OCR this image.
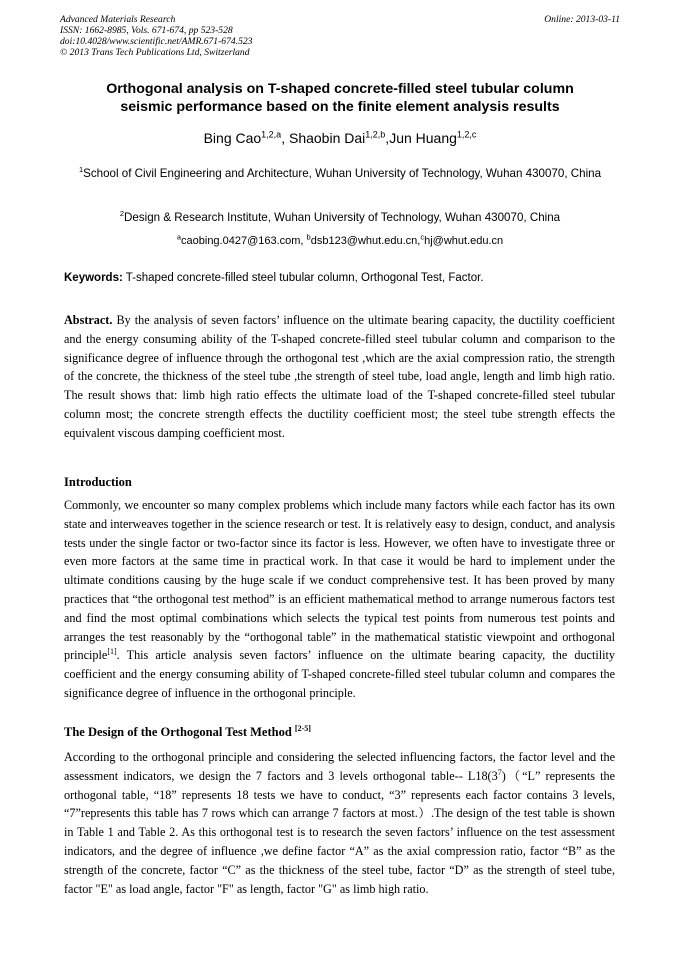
Advanced Materials Research
ISSN: 1662-8985, Vols. 671-674, pp 523-528
doi:10.4028/www.scientific.net/AMR.671-674.523
© 2013 Trans Tech Publications Ltd, Switzerland
Online: 2013-03-11
Orthogonal analysis on T-shaped concrete-filled steel tubular column
seismic performance based on the finite element analysis results
Bing Cao$^{1,2,a}$, Shaobin Dai$^{1,2,b}$,Jun Huang$^{1,2,c}$
$^1$School of Civil Engineering and Architecture, Wuhan University of Technology, Wuhan 430070, China
$^2$Design & Research Institute, Wuhan University of Technology, Wuhan 430070, China
$^a$caobing.0427@163.com, $^b$dsb123@whut.edu.cn,$^c$hj@whut.edu.cn
Keywords: T-shaped concrete-filled steel tubular column, Orthogonal Test, Factor.

Abstract. By the analysis of seven factors’ influence on the ultimate bearing capacity, the ductility coefficient and the energy consuming ability of the T-shaped concrete-filled steel tubular column and comparison to the significance degree of influence through the orthogonal test ,which are the axial compression ratio, the strength of the concrete, the thickness of the steel tube ,the strength of steel tube, load angle, length and limb high ratio. The result shows that: limb high ratio effects the ultimate load of the T-shaped concrete-filled steel tubular column most; the concrete strength effects the ductility coefficient most; the steel tube strength effects the equivalent viscous damping coefficient most.

Introduction

Commonly, we encounter so many complex problems which include many factors while each factor has its own state and interweaves together in the science research or test. It is relatively easy to design, conduct, and analysis tests under the single factor or two-factor since its factor is less. However, we often have to investigate three or even more factors at the same time in practical work. In that case it would be hard to implement under the ultimate conditions causing by the huge scale if we conduct comprehensive test. It has been proved by many practices that “the orthogonal test method” is an efficient mathematical method to arrange numerous factors test and find the most optimal combinations which selects the typical test points from numerous test points and arranges the test reasonably by the “orthogonal table” in the mathematical statistic viewpoint and orthogonal principle[1]. This article analysis seven factors’ influence on the ultimate bearing capacity, the ductility coefficient and the energy consuming ability of T-shaped concrete-filled steel tubular column and compares the significance degree of influence in the orthogonal principle.

The Design of the Orthogonal Test Method [2-5]

According to the orthogonal principle and considering the selected influencing factors, the factor level and the assessment indicators, we design the 7 factors and 3 levels orthogonal table-- $L18(3^7)(“L$” represents the orthogonal table, “18” represents 18 tests we have to conduct, “3” represents each factor contains 3 levels, “7”represents this table has 7 rows which can arrange 7 factors at most.）.The design of the test table is shown in Table 1 and Table 2. As this orthogonal test is to research the seven factors’ influence on the test assessment indicators, and the degree of influence ,we define factor “A” as the axial compression ratio, factor “B” as the strength of the concrete, factor “C” as the thickness of the steel tube, factor “D” as the strength of steel tube, factor "E" as load angle, factor "F" as length, factor "G" as limb high ratio.
